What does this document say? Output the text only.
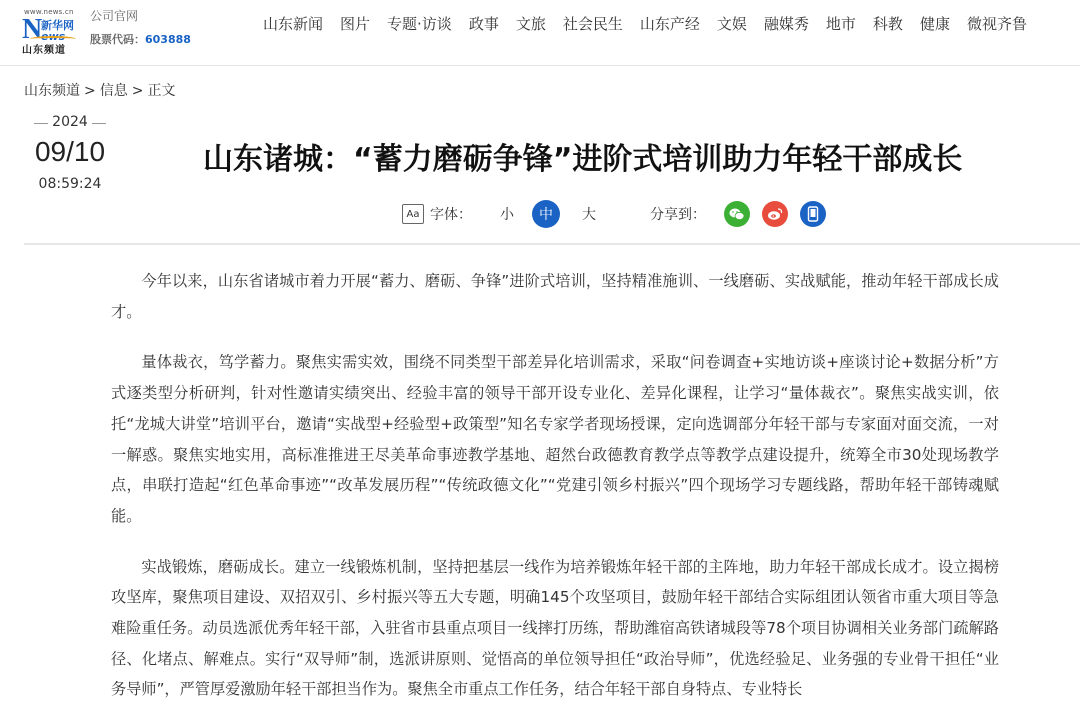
www.news.cn
N
新华网
ews
山东频道
公司官网
股票代码：603888
山东新闻 图片 专题·访谈 政事 文旅 社会民生 山东产经 文娱 融媒秀 地市 科教 健康 微视齐鲁
山东频道 > 信息 > 正文
2024
09/10
08:59:24
山东诸城：“蓄力磨砺争锋”进阶式培训助力年轻干部成长
Aa 字体： 小	中	大	分享到：

今年以来，山东省诸城市着力开展“蓄力、磨砺、争锋”进阶式培训，坚持精准施训、一线磨砺、实战赋能，推动年轻干部成长成才。

量体裁衣，笃学蓄力。聚焦实需实效，围绕不同类型干部差异化培训需求，采取“问卷调查+实地访谈+座谈讨论+数据分析”方式逐类型分析研判，针对性邀请实绩突出、经验丰富的领导干部开设专业化、差异化课程，让学习“量体裁衣”。聚焦实战实训，依托“龙城大讲堂”培训平台，邀请“实战型+经验型+政策型”知名专家学者现场授课，定向选调部分年轻干部与专家面对面交流，一对一解惑。聚焦实地实用，高标准推进王尽美革命事迹教学基地、超然台政德教育教学点等教学点建设提升，统筹全市30处现场教学点，串联打造起“红色革命事迹”“改革发展历程”“传统政德文化”“党建引领乡村振兴”四个现场学习专题线路，帮助年轻干部铸魂赋能。

实战锻炼，磨砺成长。建立一线锻炼机制，坚持把基层一线作为培养锻炼年轻干部的主阵地，助力年轻干部成长成才。设立揭榜攻坚库，聚焦项目建设、双招双引、乡村振兴等五大专题，明确145个攻坚项目，鼓励年轻干部结合实际组团认领省市重大项目等急难险重任务。动员选派优秀年轻干部，入驻省市县重点项目一线摔打历练，帮助潍宿高铁诸城段等78个项目协调相关业务部门疏解路径、化堵点、解难点。实行“双导师”制，选派讲原则、觉悟高的单位领导担任“政治导师”，优选经验足、业务强的专业骨干担任“业务导师”，严管厚爱激励年轻干部担当作为。聚焦全市重点工作任务，结合年轻干部自身特点、专业特长
